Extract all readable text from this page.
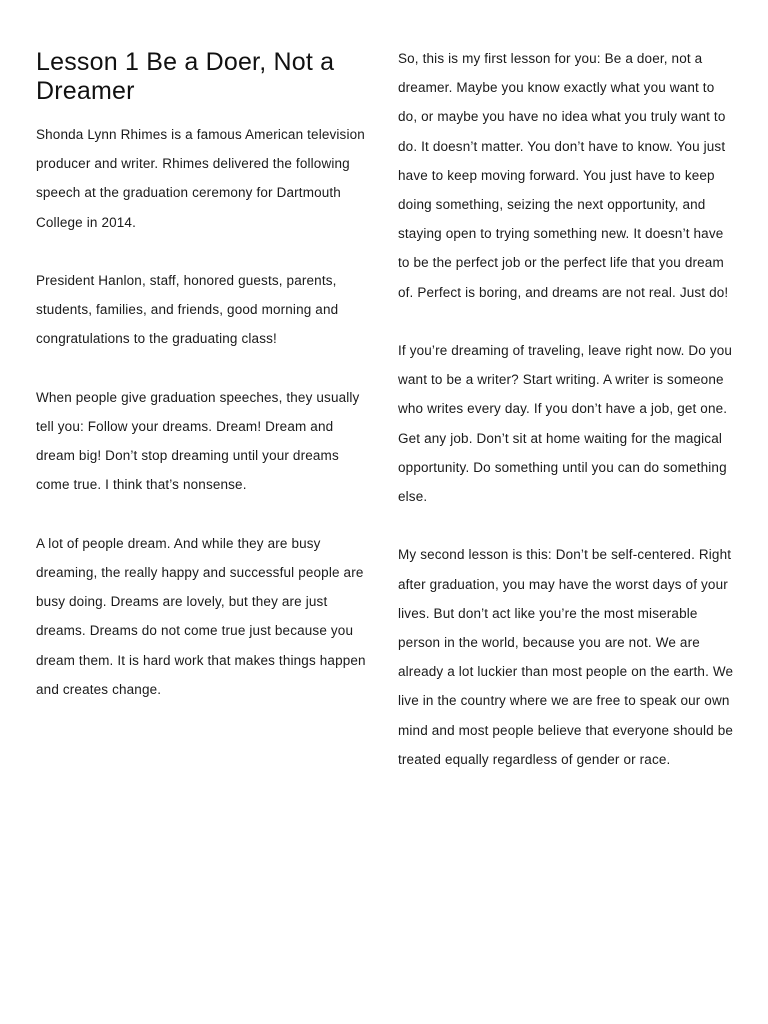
Lesson 1 Be a Doer, Not a Dreamer

Shonda Lynn Rhimes is a famous American television producer and writer. Rhimes delivered the following speech at the graduation ceremony for Dartmouth College in 2014.

President Hanlon, staff, honored guests, parents, students, families, and friends, good morning and congratulations to the graduating class!

When people give graduation speeches, they usually tell you: Follow your dreams. Dream! Dream and dream big! Don’t stop dreaming until your dreams come true. I think that’s nonsense.

A lot of people dream. And while they are busy dreaming, the really happy and successful people are busy doing. Dreams are lovely, but they are just dreams. Dreams do not come true just because you dream them. It is hard work that makes things happen and creates change.

So, this is my first lesson for you: Be a doer, not a dreamer. Maybe you know exactly what you want to do, or maybe you have no idea what you truly want to do. It doesn’t matter. You don’t have to know. You just have to keep moving forward. You just have to keep doing something, seizing the next opportunity, and staying open to trying something new. It doesn’t have to be the perfect job or the perfect life that you dream of. Perfect is boring, and dreams are not real. Just do!

If you’re dreaming of traveling, leave right now. Do you want to be a writer? Start writing. A writer is someone who writes every day. If you don’t have a job, get one. Get any job. Don’t sit at home waiting for the magical opportunity. Do something until you can do something else.

My second lesson is this: Don’t be self-centered. Right after graduation, you may have the worst days of your lives. But don’t act like you’re the most miserable person in the world, because you are not. We are already a lot luckier than most people on the earth. We live in the country where we are free to speak our own mind and most people believe that everyone should be treated equally regardless of gender or race.
